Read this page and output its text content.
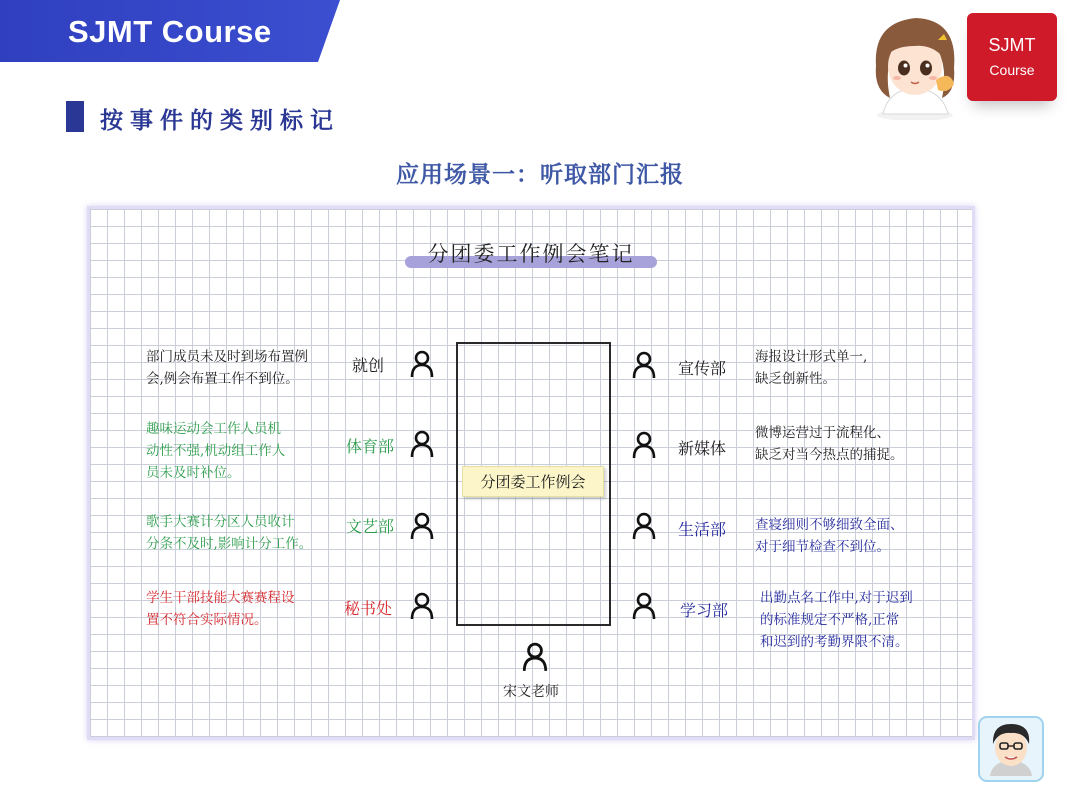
SJMT Course	SJMT
Course
按事件的类别标记
应用场景一：听取部门汇报
分团委工作例会笔记
分团委工作例会
部门成员未及时到场布置例
会,例会布置工作不到位。
就创
趣味运动会工作人员机
动性不强,机动组工作人
员未及时补位。
体育部
歌手大赛计分区人员收计
分条不及时,影响计分工作。
文艺部
学生干部技能大赛赛程设
置不符合实际情况。
秘书处
宣传部
海报设计形式单一,
缺乏创新性。
新媒体
微博运营过于流程化、
缺乏对当今热点的捕捉。
生活部 查寝细则不够细致全面、
对于细节检查不到位。
学习部
出勤点名工作中,对于迟到
的标准规定不严格,正常
和迟到的考勤界限不清。
宋文老师
